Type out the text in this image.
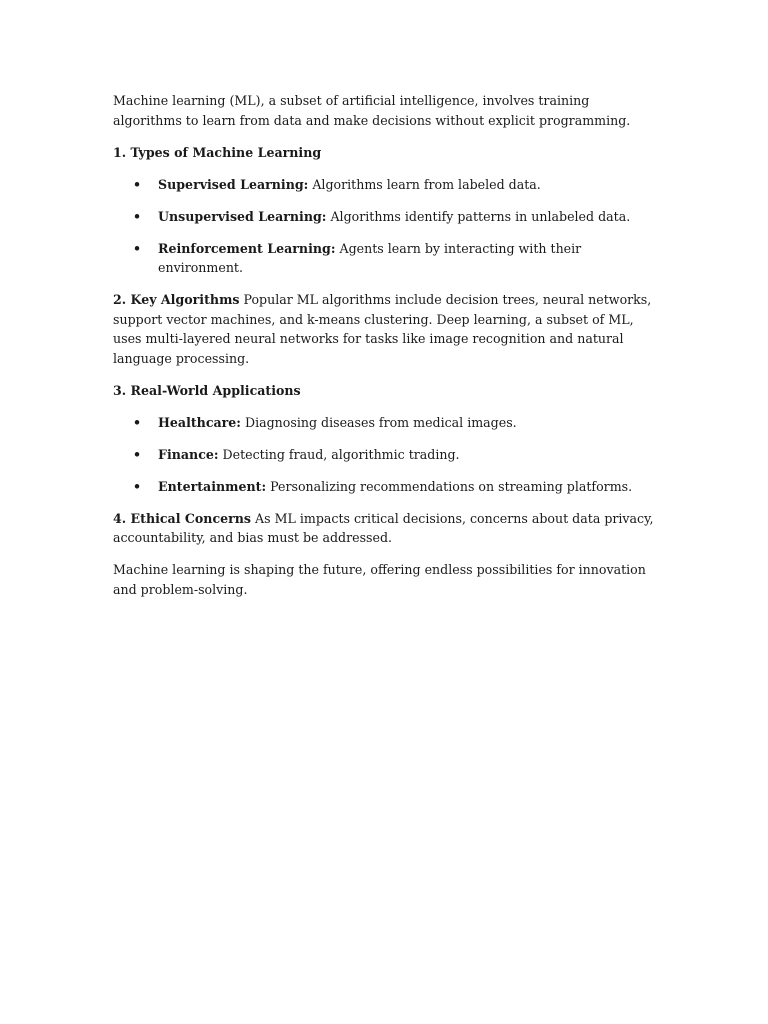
Machine learning (ML), a subset of artificial intelligence, involves training algorithms to learn from data and make decisions without explicit programming.

1. Types of Machine Learning

• Supervised Learning: Algorithms learn from labeled data.
• Unsupervised Learning: Algorithms identify patterns in unlabeled data.
• Reinforcement Learning: Agents learn by interacting with their environment.

2. Key Algorithms Popular ML algorithms include decision trees, neural networks, support vector machines, and k-means clustering. Deep learning, a subset of ML, uses multi-layered neural networks for tasks like image recognition and natural language processing.

3. Real-World Applications

• Healthcare: Diagnosing diseases from medical images.
• Finance: Detecting fraud, algorithmic trading.
• Entertainment: Personalizing recommendations on streaming platforms.

4. Ethical Concerns As ML impacts critical decisions, concerns about data privacy, accountability, and bias must be addressed.

Machine learning is shaping the future, offering endless possibilities for innovation and problem-solving.
